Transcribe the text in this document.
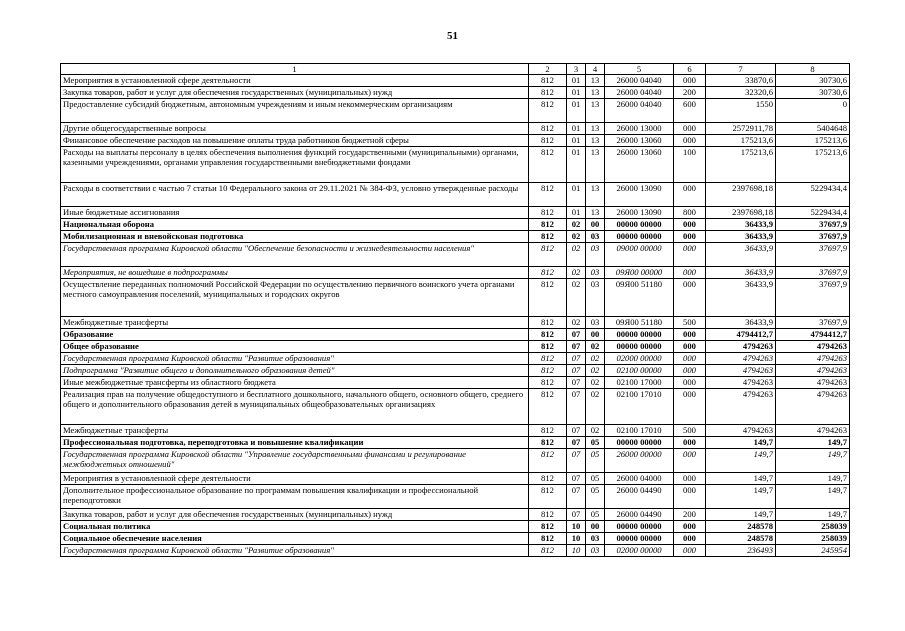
51
1	2	3	4	5	6	7	8
Мероприятия в установленной сфере деятельности	812	01	13	26000 04040	000	33870,6	30730,6
Закупка товаров, работ и услуг для обеспечения государственных (муниципальных) нужд	812	01	13	26000 04040	200	32320,6	30730,6
Предоставление субсидий бюджетным, автономным учреждениям и иным некоммерческим организациям	812	01	13	26000 04040	600	1550	0
Другие общегосударственные вопросы	812	01	13	26000 13000	000	2572911,78	5404648
Финансовое обеспечение расходов на повышение оплаты труда работников бюджетной сферы	812	01	13	26000 13060	000	175213,6	175213,6
Расходы на выплаты персоналу в целях обеспечения выполнения функций государственными (муниципальными) органами, казенными учреждениями, органами управления государственными внебюджетными фондами	812	01	13	26000 13060	100	175213,6	175213,6
Расходы в соответствии с частью 7 статьи 10 Федерального закона от 29.11.2021 № 384-ФЗ, условно утвержденные расходы	812	01	13	26000 13090	000	2397698,18	5229434,4
Иные бюджетные ассигнования	812	01	13	26000 13090	800	2397698,18	5229434,4
Национальная оборона	812	02	00	00000 00000	000	36433,9	37697,9
Мобилизационная и вневойсковая подготовка	812	02	03	00000 00000	000	36433,9	37697,9
Государственная программа Кировской области "Обеспечение безопасности и жизнедеятельности населения"	812	02	03	09000 00000	000	36433,9	37697,9
Мероприятия, не вошедшие в подпрограммы	812	02	03	09Я00 00000	000	36433,9	37697,9
Осуществление переданных полномочий Российской Федерации по осуществлению первичного воинского учета органами местного самоуправления поселений, муниципальных и городских округов	812	02	03	09Я00 51180	000	36433,9	37697,9
Межбюджетные трансферты	812	02	03	09Я00 51180	500	36433,9	37697,9
Образование	812	07	00	00000 00000	000	4794412,7	4794412,7
Общее образование	812	07	02	00000 00000	000	4794263	4794263
Государственная программа Кировской области "Развитие образования"	812	07	02	02000 00000	000	4794263	4794263
Подпрограмма "Развитие общего и дополнительного образования детей"	812	07	02	02100 00000	000	4794263	4794263
Иные межбюджетные трансферты из областного бюджета	812	07	02	02100 17000	000	4794263	4794263
Реализация прав на получение общедоступного и бесплатного дошкольного, начального общего, основного общего, среднего общего и дополнительного образования детей в муниципальных общеобразовательных организациях	812	07	02	02100 17010	000	4794263	4794263
Межбюджетные трансферты	812	07	02	02100 17010	500	4794263	4794263
Профессиональная подготовка, переподготовка и повышение квалификации	812	07	05	00000 00000	000	149,7	149,7
Государственная программа Кировской области "Управление государственными финансами и регулирование межбюджетных отношений"	812	07	05	26000 00000	000	149,7	149,7
Мероприятия в установленной сфере деятельности	812	07	05	26000 04000	000	149,7	149,7
Дополнительное профессиональное образование по программам повышения квалификации и профессиональной переподготовки	812	07	05	26000 04490	000	149,7	149,7
Закупка товаров, работ и услуг для обеспечения государственных (муниципальных) нужд	812	07	05	26000 04490	200	149,7	149,7
Социальная политика	812	10	00	00000 00000	000	248578	258039
Социальное обеспечение населения	812	10	03	00000 00000	000	248578	258039
Государственная программа Кировской области "Развитие образования"	812	10	03	02000 00000	000	236493	245954
